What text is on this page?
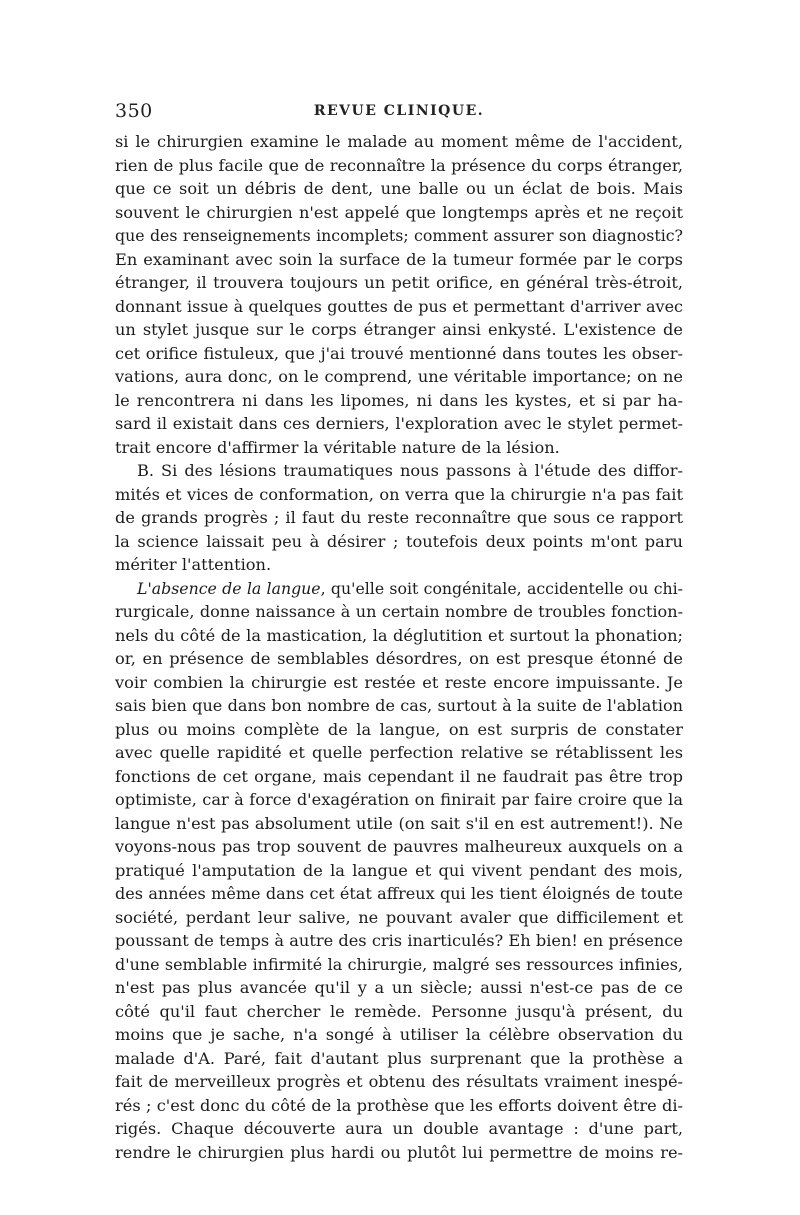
350	REVUE CLINIQUE.
si le chirurgien examine le malade au moment même de l'accident,
rien de plus facile que de reconnaître la présence du corps étranger,
que ce soit un débris de dent, une balle ou un éclat de bois. Mais
souvent le chirurgien n'est appelé que longtemps après et ne reçoit
que des renseignements incomplets; comment assurer son diagnostic?
En examinant avec soin la surface de la tumeur formée par le corps
étranger, il trouvera toujours un petit orifice, en général très-étroit,
donnant issue à quelques gouttes de pus et permettant d'arriver avec
un stylet jusque sur le corps étranger ainsi enkysté. L'existence de
cet orifice fistuleux, que j'ai trouvé mentionné dans toutes les obser-
vations, aura donc, on le comprend, une véritable importance; on ne
le rencontrera ni dans les lipomes, ni dans les kystes, et si par ha-
sard il existait dans ces derniers, l'exploration avec le stylet permet-
trait encore d'affirmer la véritable nature de la lésion.
B. Si des lésions traumatiques nous passons à l'étude des diffor-
mités et vices de conformation, on verra que la chirurgie n'a pas fait
de grands progrès ; il faut du reste reconnaître que sous ce rapport
la science laissait peu à désirer ; toutefois deux points m'ont paru
mériter l'attention.
L'absence de la langue, qu'elle soit congénitale, accidentelle ou chi-
rurgicale, donne naissance à un certain nombre de troubles fonction-
nels du côté de la mastication, la déglutition et surtout la phonation;
or, en présence de semblables désordres, on est presque étonné de
voir combien la chirurgie est restée et reste encore impuissante. Je
sais bien que dans bon nombre de cas, surtout à la suite de l'ablation
plus ou moins complète de la langue, on est surpris de constater
avec quelle rapidité et quelle perfection relative se rétablissent les
fonctions de cet organe, mais cependant il ne faudrait pas être trop
optimiste, car à force d'exagération on finirait par faire croire que la
langue n'est pas absolument utile (on sait s'il en est autrement!). Ne
voyons-nous pas trop souvent de pauvres malheureux auxquels on a
pratiqué l'amputation de la langue et qui vivent pendant des mois,
des années même dans cet état affreux qui les tient éloignés de toute
société, perdant leur salive, ne pouvant avaler que difficilement et
poussant de temps à autre des cris inarticulés? Eh bien! en présence
d'une semblable infirmité la chirurgie, malgré ses ressources infinies,
n'est pas plus avancée qu'il y a un siècle; aussi n'est-ce pas de ce
côté qu'il faut chercher le remède. Personne jusqu'à présent, du
moins que je sache, n'a songé à utiliser la célèbre observation du
malade d'A. Paré, fait d'autant plus surprenant que la prothèse a
fait de merveilleux progrès et obtenu des résultats vraiment inespé-
rés ; c'est donc du côté de la prothèse que les efforts doivent être di-
rigés. Chaque découverte aura un double avantage : d'une part,
rendre le chirurgien plus hardi ou plutôt lui permettre de moins re-
